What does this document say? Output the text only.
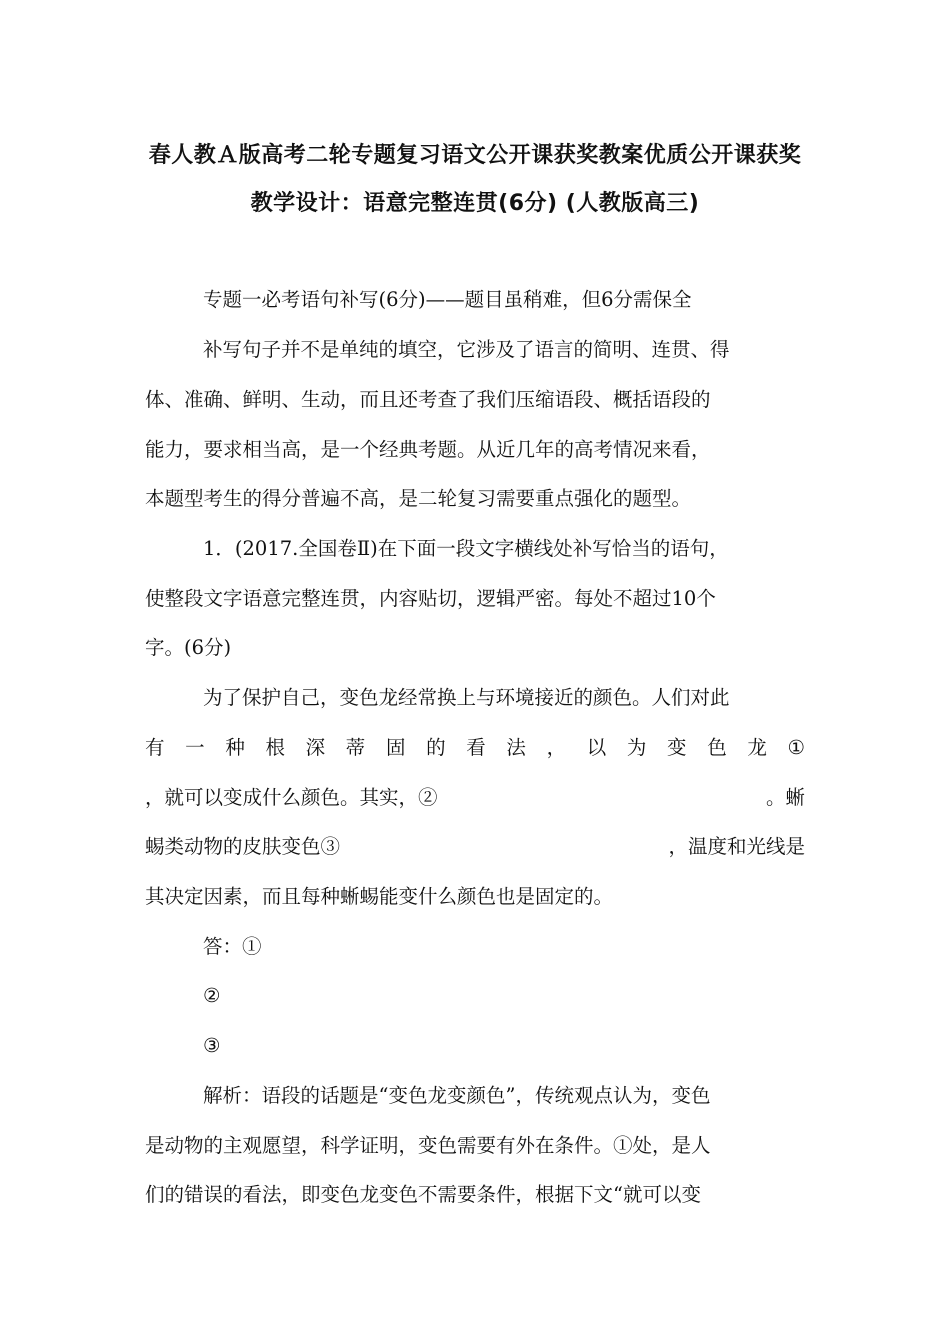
春人教Ａ版高考二轮专题复习语文公开课获奖教案优质公开课获奖
教学设计：语意完整连贯(6分) (人教版高三)
专题一必考语句补写(6分)——题目虽稍难，但6分需保全
补写句子并不是单纯的填空，它涉及了语言的简明、连贯、得
体、准确、鲜明、生动，而且还考查了我们压缩语段、概括语段的
能力，要求相当高，是一个经典考题。从近几年的高考情况来看，
本题型考生的得分普遍不高，是二轮复习需要重点强化的题型。
1．(2017.全国卷Ⅱ)在下面一段文字横线处补写恰当的语句，
使整段文字语意完整连贯，内容贴切，逻辑严密。每处不超过10个
字。(6分)
为了保护自己，变色龙经常换上与环境接近的颜色。人们对此
有 一 种 根 深 蒂 固 的 看 法 ， 以 为 变 色 龙 ①
，就可以变成什么颜色。其实，②	。蜥
蜴类动物的皮肤变色③	，温度和光线是
其决定因素，而且每种蜥蜴能变什么颜色也是固定的。
答：①
②
③
解析：语段的话题是“变色龙变颜色”，传统观点认为，变色
是动物的主观愿望，科学证明，变色需要有外在条件。①处，是人
们的错误的看法，即变色龙变色不需要条件，根据下文“就可以变
